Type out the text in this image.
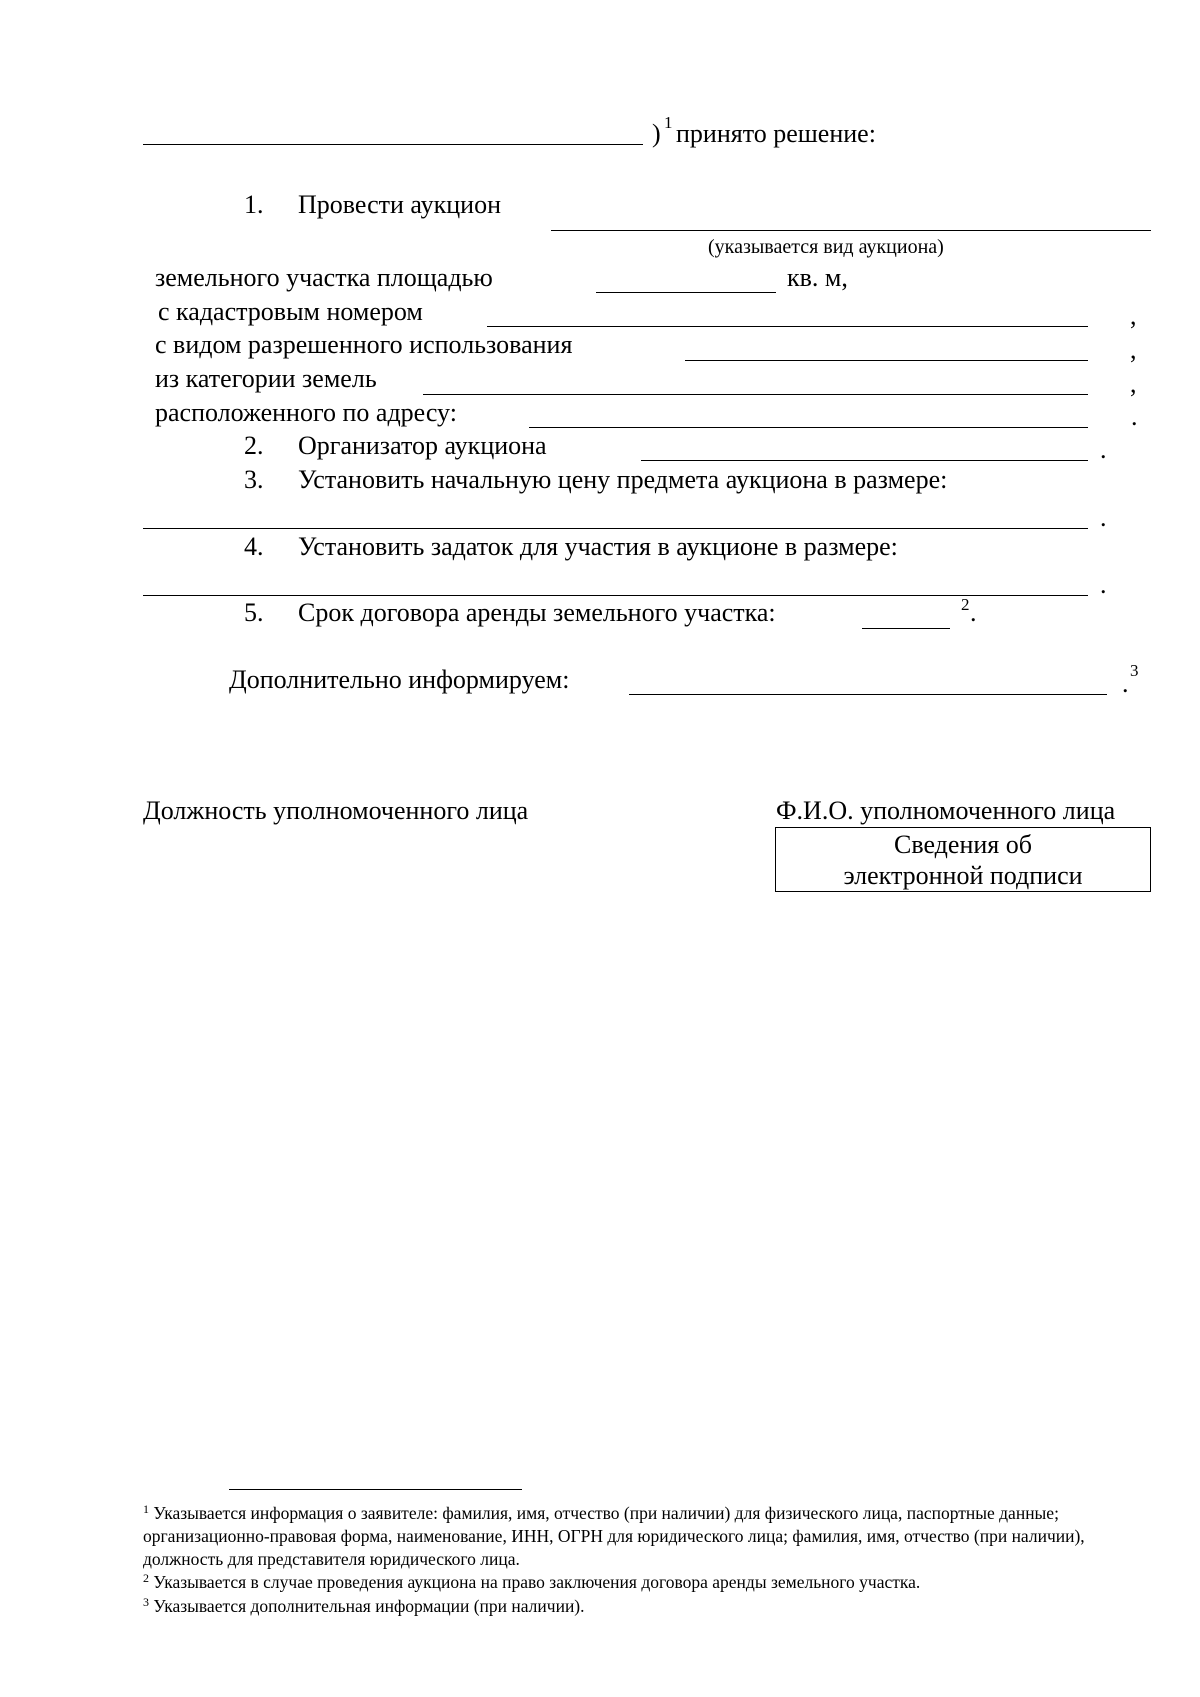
) 1 принято решение:
1. Провести аукцион
(указывается вид аукциона)
земельного участка площадью	кв. м,
с кадастровым номером	,
с видом разрешенного использования	,
из категории земель	,
расположенного по адресу:	.
2. Организатор аукциона	.
3. Установить начальную цену предмета аукциона в размере:
.
4. Установить задаток для участия в аукционе в размере:
.
5. Срок договора аренды земельного участка:	2 .
Дополнительно информируем:	. 3
Должность уполномоченного лица	Ф.И.О. уполномоченного лица
Сведения об
электронной подписи
$^1$ Указывается информация о заявителе: фамилия, имя, отчество (при наличии) для физического лица, паспортные данные; организационно-правовая форма, наименование, ИНН, ОГРН для юридического лица; фамилия, имя, отчество (при наличии), должность для представителя юридического лица.
$^2$ Указывается в случае проведения аукциона на право заключения договора аренды земельного участка.
$^3$ Указывается дополнительная информации (при наличии).
